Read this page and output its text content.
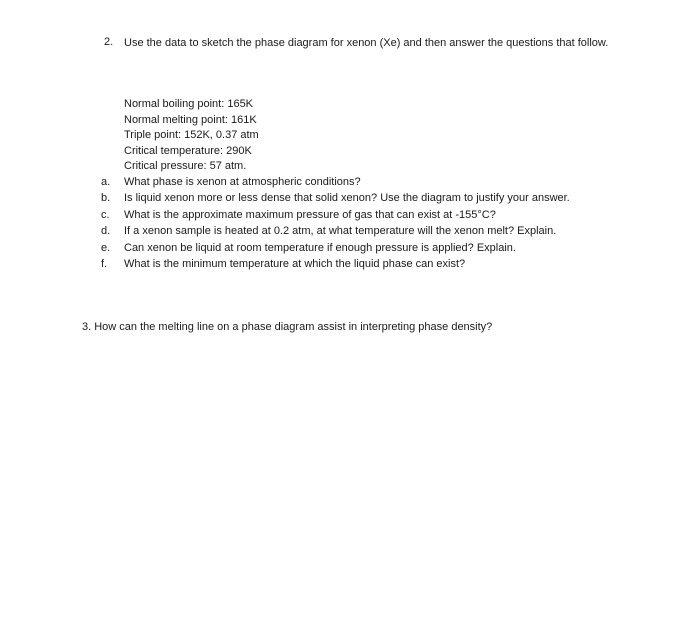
2. Use the data to sketch the phase diagram for xenon (Xe) and then answer the questions that follow.
Normal boiling point: 165K
Normal melting point: 161K
Triple point: 152K, 0.37 atm
Critical temperature: 290K
Critical pressure: 57 atm.
a. What phase is xenon at atmospheric conditions?
b. Is liquid xenon more or less dense that solid xenon? Use the diagram to justify your answer.
c. What is the approximate maximum pressure of gas that can exist at -155°C?
d. If a xenon sample is heated at 0.2 atm, at what temperature will the xenon melt? Explain.
e. Can xenon be liquid at room temperature if enough pressure is applied? Explain.
f. What is the minimum temperature at which the liquid phase can exist?
3. How can the melting line on a phase diagram assist in interpreting phase density?
